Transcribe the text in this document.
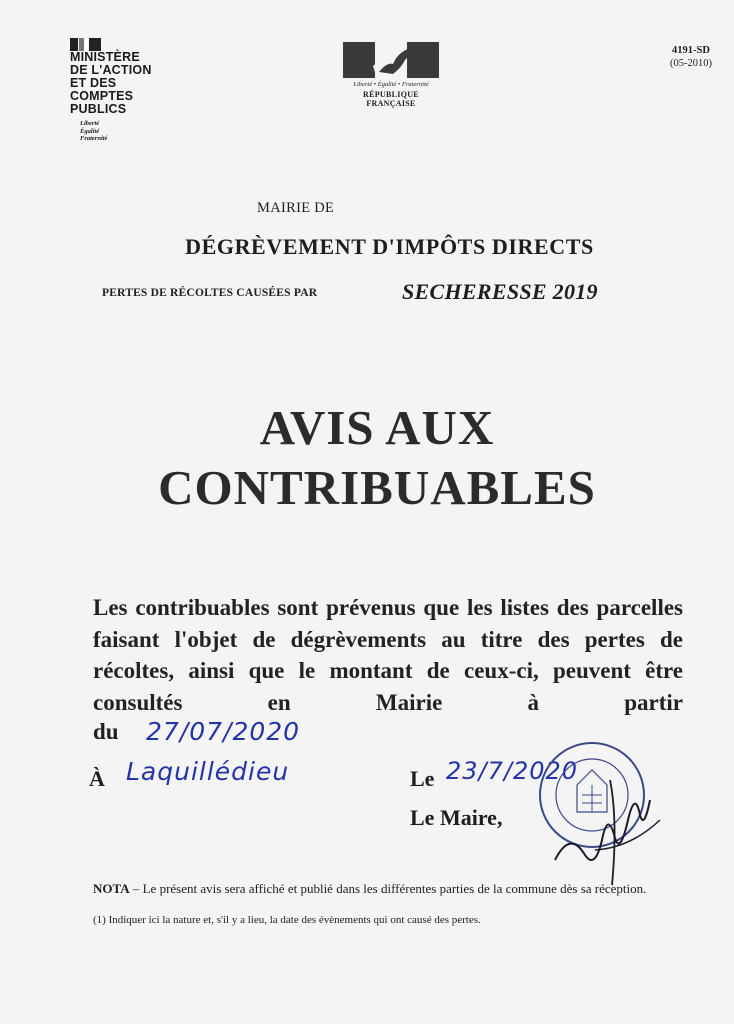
MINISTÈRE
DE L'ACTION
ET DES COMPTES
PUBLICS
Liberté
Égalité
Fraternité
Liberté • Égalité • Fraternité
RÉPUBLIQUE FRANÇAISE
4191-SD
(05-2010)
MAIRIE DE
DÉGRÈVEMENT D'IMPÔTS DIRECTS
PERTES DE RÉCOLTES CAUSÉES PAR	SECHERESSE 2019
AVIS AUX
CONTRIBUABLES
Les contribuables sont prévenus que les listes des parcelles faisant l'objet de dégrèvements au titre des pertes de récoltes, ainsi que le montant de ceux-ci, peuvent être consultés en Mairie à partir
du 27/07/2020
À Laquillédieu	Le 23/7/2020
Le Maire,
NOTA – Le présent avis sera affiché et publié dans les différentes parties de la commune dès sa réception.
(1) Indiquer ici la nature et, s'il y a lieu, la date des évènements qui ont causé des pertes.
